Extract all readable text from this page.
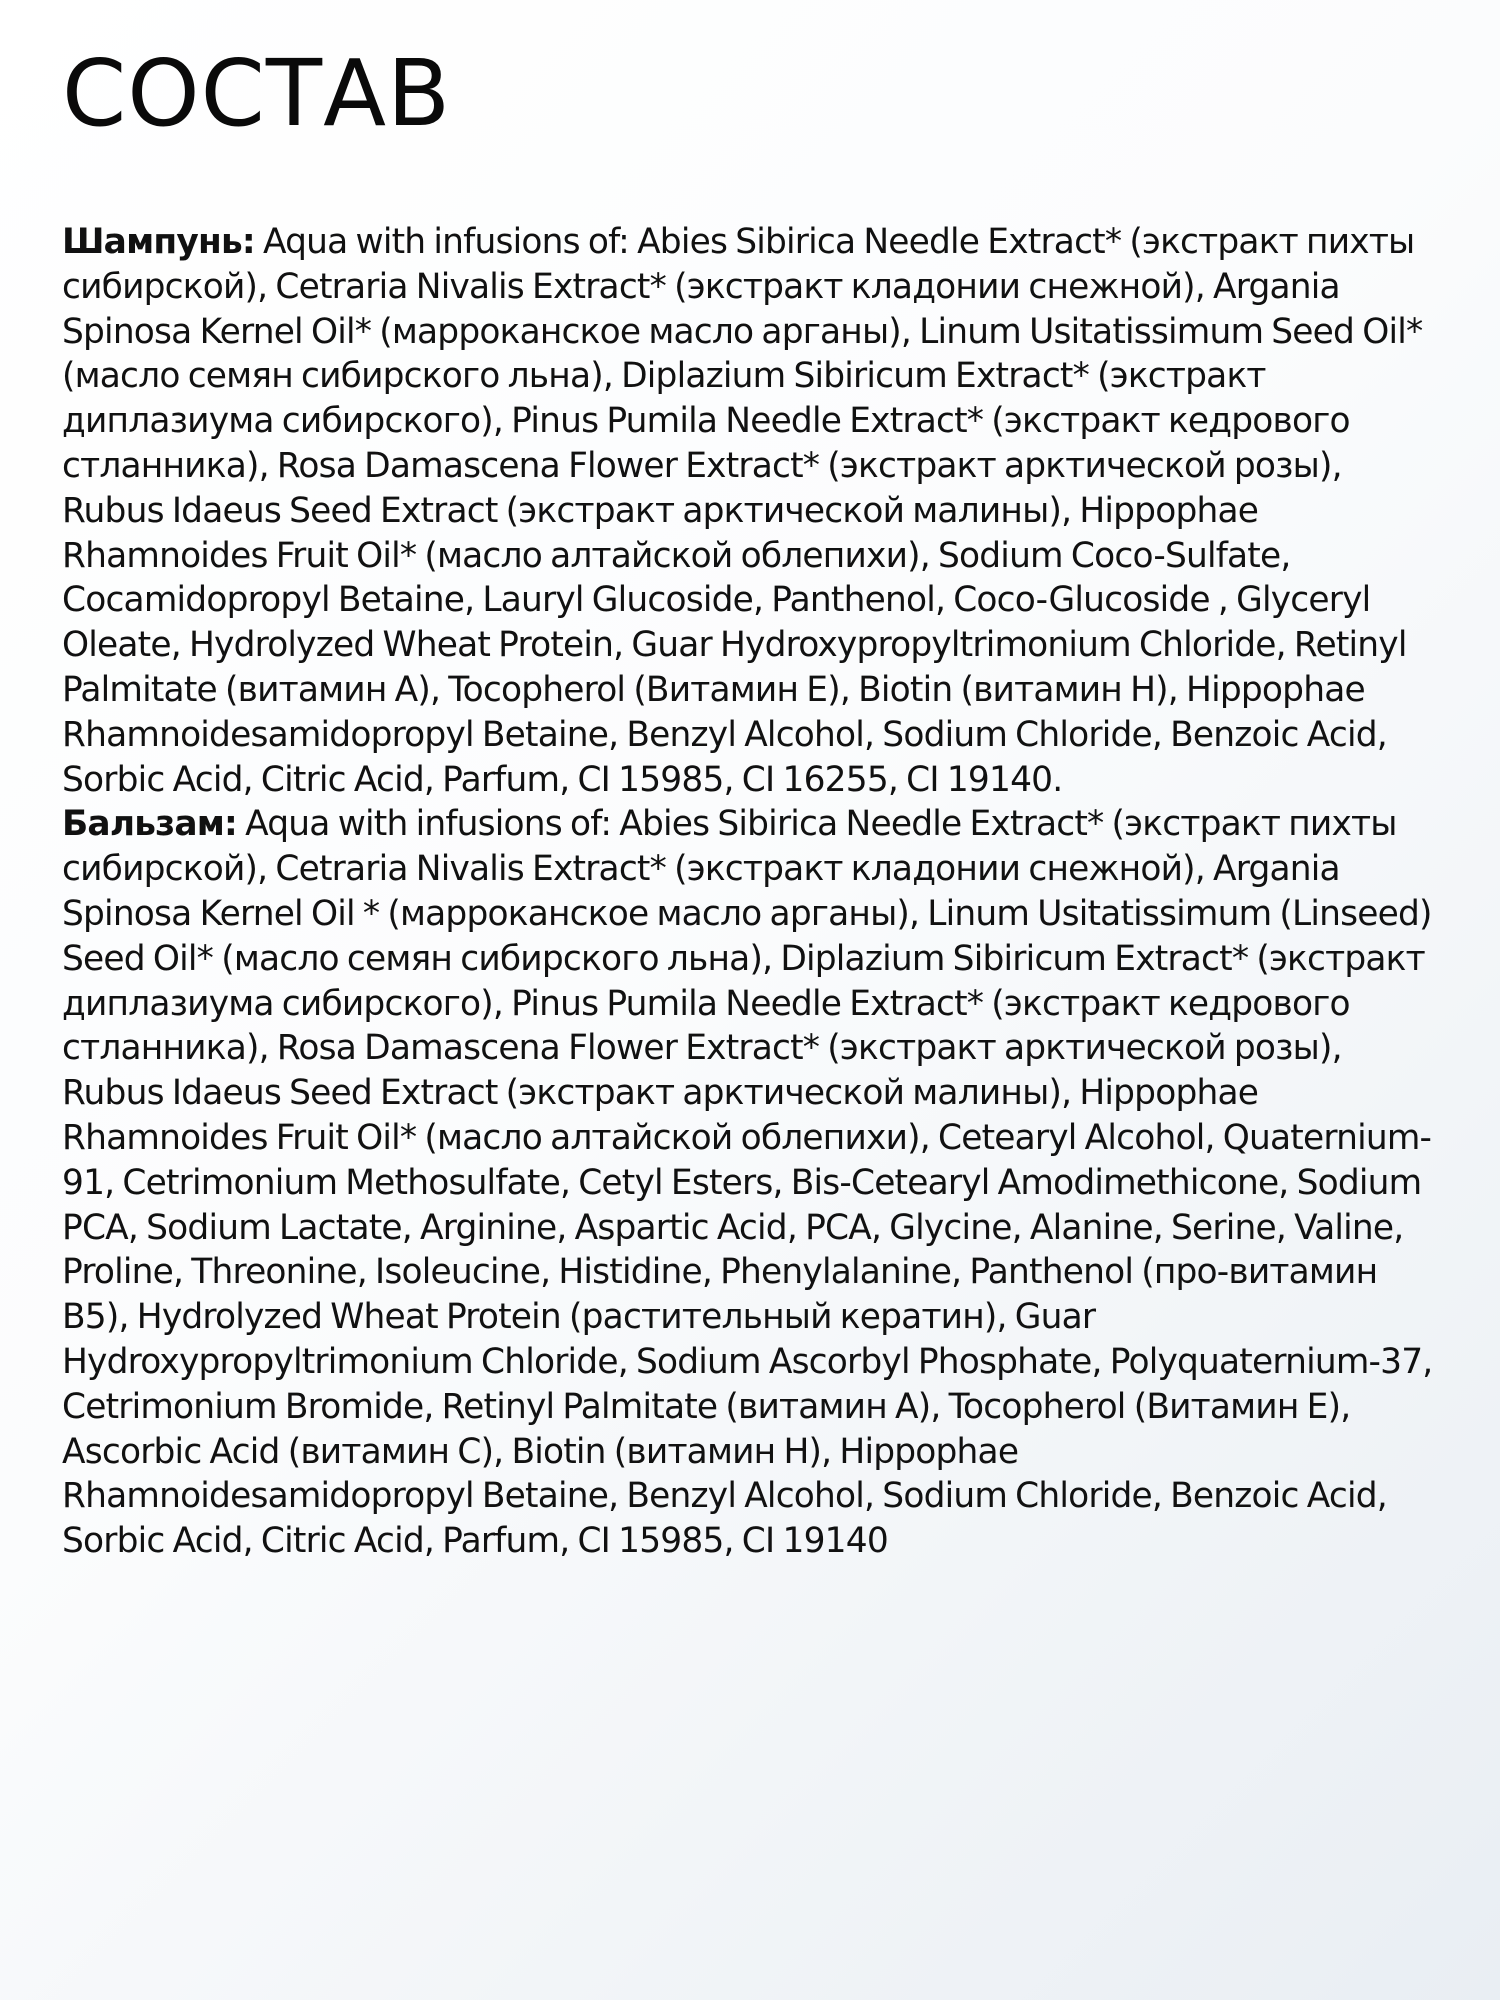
СОСТАВ

Шампунь: Aqua with infusions of: Abies Sibirica Needle Extract* (экстракт пихты сибирской), Cetraria Nivalis Extract* (экстракт кладонии снежной), Argania Spinosa Kernel Oil* (марроканское масло арганы), Linum Usitatissimum Seed Oil* (масло семян сибирского льна), Diplazium Sibiricum Extract* (экстракт диплазиума сибирского), Pinus Pumila Needle Extract* (экстракт кедрового стланника), Rosa Damascena Flower Extract* (экстракт арктической розы), Rubus Idaeus Seed Extract (экстракт арктической малины), Hippophae Rhamnoides Fruit Oil* (масло алтайской облепихи), Sodium Coco-Sulfate, Cocamidopropyl Betaine, Lauryl Glucoside, Panthenol, Coco-Glucoside , Glyceryl Oleate, Hydrolyzed Wheat Protein, Guar Hydroxypropyltrimonium Chloride, Retinyl Palmitate (витамин А), Tocopherol (Витамин Е), Biotin (витамин Н), Hippophae Rhamnoidesamidopropyl Betaine, Benzyl Alcohol, Sodium Chloride, Benzoic Acid, Sorbic Acid, Citric Acid, Parfum, CI 15985, CI 16255, CI 19140.

Бальзам: Aqua with infusions of: Abies Sibirica Needle Extract* (экстракт пихты сибирской), Cetraria Nivalis Extract* (экстракт кладонии снежной), Argania Spinosa Kernel Oil * (марроканское масло арганы), Linum Usitatissimum (Linseed) Seed Oil* (масло семян сибирского льна), Diplazium Sibiricum Extract* (экстракт диплазиума сибирского), Pinus Pumila Needle Extract* (экстракт кедрового стланника), Rosa Damascena Flower Extract* (экстракт арктической розы), Rubus Idaeus Seed Extract (экстракт арктической малины), Hippophae Rhamnoides Fruit Oil* (масло алтайской облепихи), Cetearyl Alcohol, Quaternium-91, Cetrimonium Methosulfate, Cetyl Esters, Bis-Cetearyl Amodimethicone, Sodium PCA, Sodium Lactate, Arginine, Aspartic Acid, PCA, Glycine, Alanine, Serine, Valine, Proline, Threonine, Isoleucine, Histidine, Phenylalanine, Panthenol (про-витамин В5), Hydrolyzed Wheat Protein (растительный кератин), Guar Hydroxypropyltrimonium Chloride, Sodium Ascorbyl Phosphate, Polyquaternium-37, Cetrimonium Bromide, Retinyl Palmitate (витамин А), Tocopherol (Витамин Е), Ascorbic Acid (витамин С), Biotin (витамин Н), Hippophae Rhamnoidesamidopropyl Betaine, Benzyl Alcohol, Sodium Chloride, Benzoic Acid, Sorbic Acid, Citric Acid, Parfum, CI 15985, CI 19140
